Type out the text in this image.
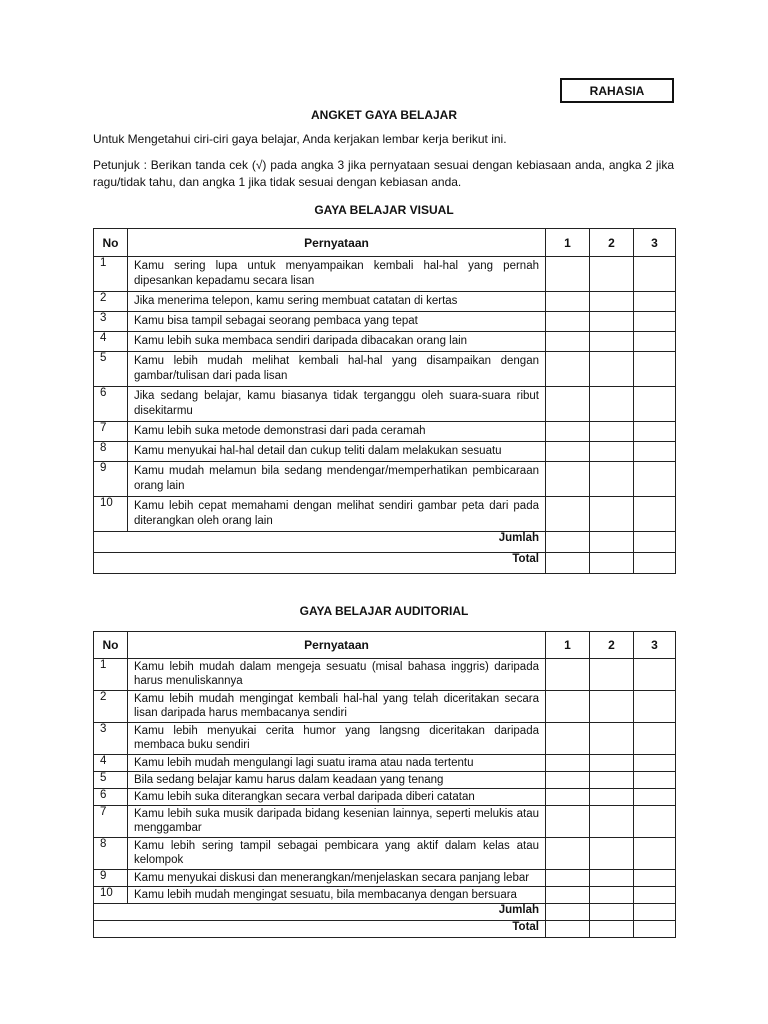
RAHASIA
ANGKET GAYA BELAJAR
Untuk Mengetahui ciri-ciri gaya belajar, Anda kerjakan lembar kerja berikut ini.
Petunjuk : Berikan tanda cek (√) pada angka 3 jika pernyataan sesuai dengan kebiasaan anda, angka 2 jika ragu/tidak tahu, dan angka 1 jika tidak sesuai dengan kebiasan anda.
GAYA BELAJAR VISUAL
No	Pernyataan	1	2	3
1	Kamu sering lupa untuk menyampaikan kembali hal-hal yang pernah dipesankan kepadamu secara lisan			
2	Jika menerima telepon, kamu sering membuat catatan di kertas			
3	Kamu bisa tampil sebagai seorang pembaca yang tepat			
4	Kamu lebih suka membaca sendiri daripada dibacakan orang lain			
5	Kamu lebih mudah melihat kembali hal-hal yang disampaikan dengan gambar/tulisan dari pada lisan			
6	Jika sedang belajar, kamu biasanya tidak terganggu oleh suara-suara ribut disekitarmu			
7	Kamu lebih suka metode demonstrasi dari pada ceramah			
8	Kamu menyukai hal-hal detail dan cukup teliti dalam melakukan sesuatu			
9	Kamu mudah melamun bila sedang mendengar/memperhatikan pembicaraan orang lain			
10	Kamu lebih cepat memahami dengan melihat sendiri gambar peta dari pada diterangkan oleh orang lain			
Jumlah				
Total				
GAYA BELAJAR AUDITORIAL
No	Pernyataan	1	2	3
1	Kamu lebih mudah dalam mengeja sesuatu (misal bahasa inggris) daripada harus menuliskannya			
2	Kamu lebih mudah mengingat kembali hal-hal yang telah diceritakan secara lisan daripada harus membacanya sendiri			
3	Kamu lebih menyukai cerita humor yang langsng diceritakan daripada membaca buku sendiri			
4	Kamu lebih mudah mengulangi lagi suatu irama atau nada tertentu			
5	Bila sedang belajar kamu harus dalam keadaan yang tenang			
6	Kamu lebih suka diterangkan secara verbal daripada diberi catatan			
7	Kamu lebih suka musik daripada bidang kesenian lainnya, seperti melukis atau menggambar			
8	Kamu lebih sering tampil sebagai pembicara yang aktif dalam kelas atau kelompok			
9	Kamu menyukai diskusi dan menerangkan/menjelaskan secara panjang lebar			
10	Kamu lebih mudah mengingat sesuatu, bila membacanya dengan bersuara			
Jumlah				
Total				
